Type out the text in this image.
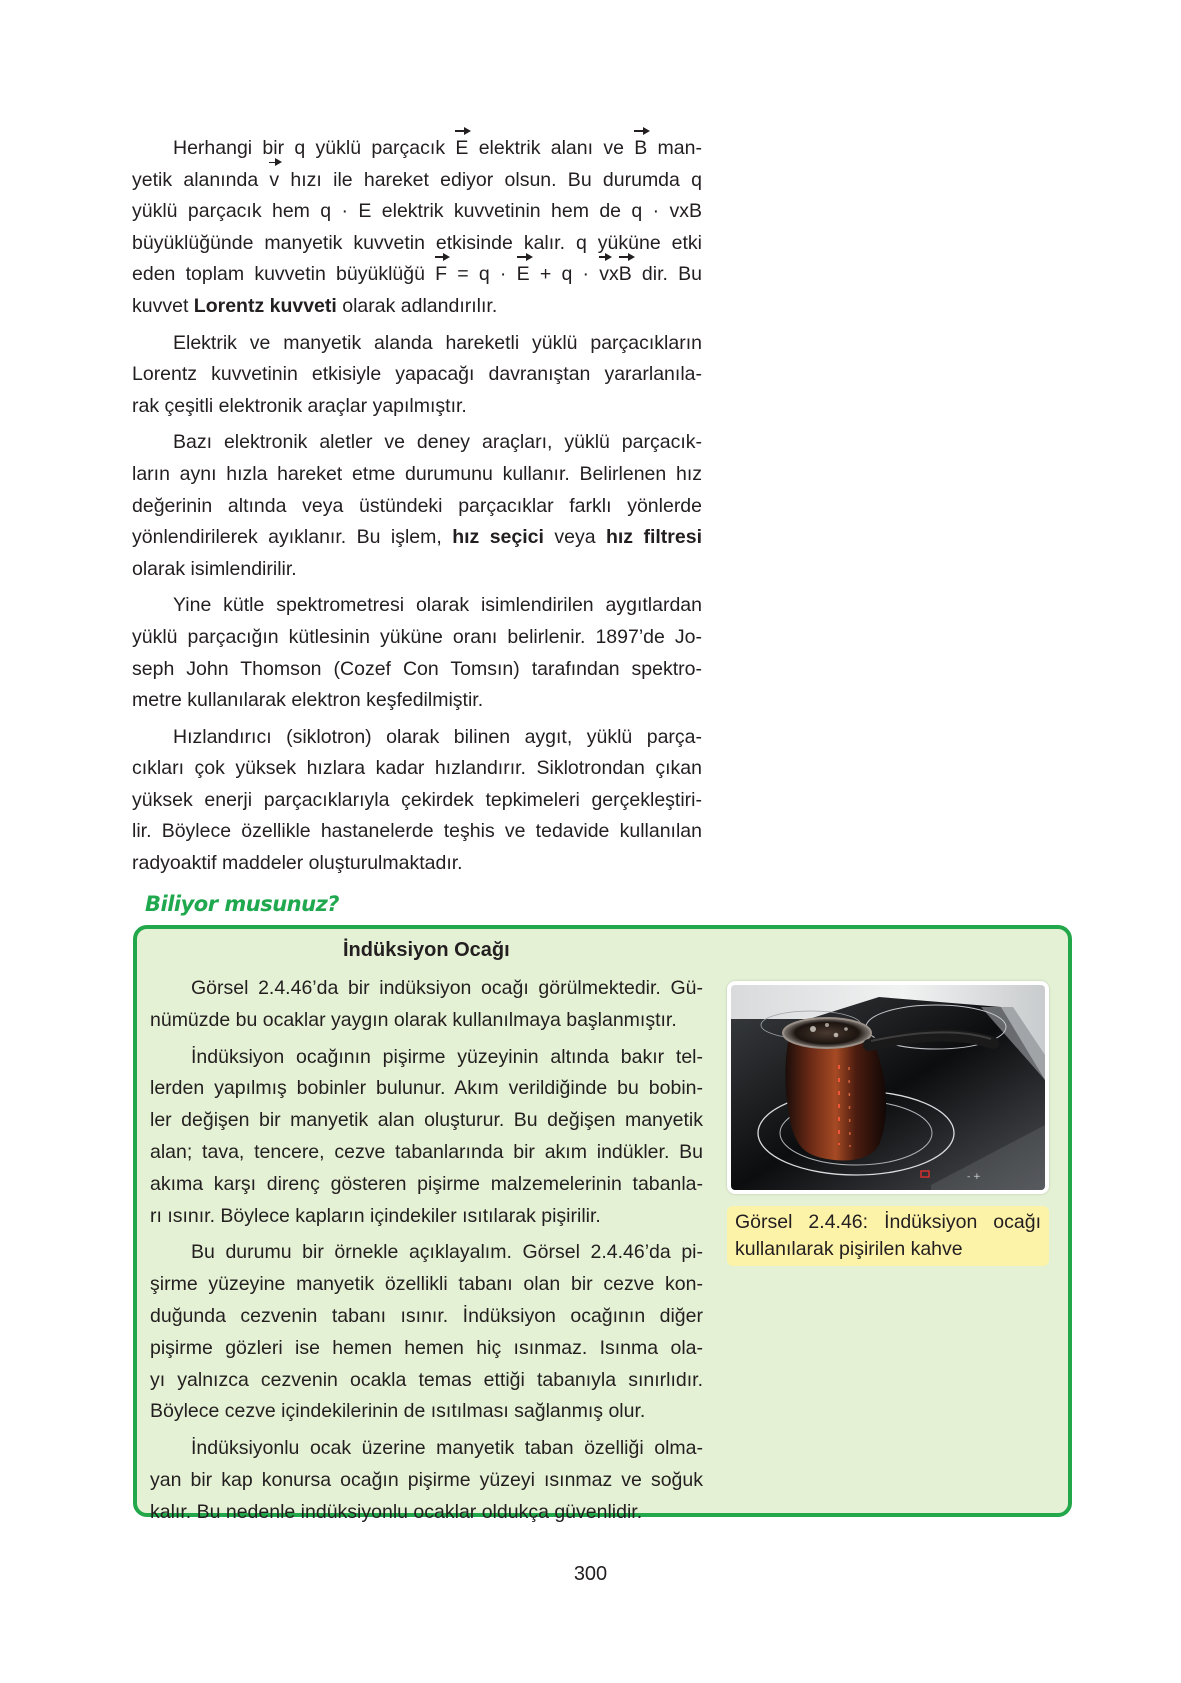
Herhangi bir q yüklü parçacık E elektrik alanı ve B man-
yetik alanında v hızı ile hareket ediyor olsun. Bu durumda q
yüklü parçacık hem q · E elektrik kuvvetinin hem de q · vxB
büyüklüğünde manyetik kuvvetin etkisinde kalır. q yüküne etki
eden toplam kuvvetin büyüklüğü F = q · E + q · vxB dir. Bu
kuvvet Lorentz kuvveti olarak adlandırılır.
Elektrik ve manyetik alanda hareketli yüklü parçacıkların
Lorentz kuvvetinin etkisiyle yapacağı davranıştan yararlanıla-
rak çeşitli elektronik araçlar yapılmıştır.
Bazı elektronik aletler ve deney araçları, yüklü parçacık-
ların aynı hızla hareket etme durumunu kullanır. Belirlenen hız
değerinin altında veya üstündeki parçacıklar farklı yönlerde
yönlendirilerek ayıklanır. Bu işlem, hız seçici veya hız filtresi
olarak isimlendirilir.
Yine kütle spektrometresi olarak isimlendirilen aygıtlardan
yüklü parçacığın kütlesinin yüküne oranı belirlenir. 1897’de Jo-
seph John Thomson (Cozef Con Tomsın) tarafından spektro-
metre kullanılarak elektron keşfedilmiştir.
Hızlandırıcı (siklotron) olarak bilinen aygıt, yüklü parça-
cıkları çok yüksek hızlara kadar hızlandırır. Siklotrondan çıkan
yüksek enerji parçacıklarıyla çekirdek tepkimeleri gerçekleştiri-
lir. Böylece özellikle hastanelerde teşhis ve tedavide kullanılan
radyoaktif maddeler oluşturulmaktadır.
Biliyor musunuz?
İndüksiyon Ocağı
Görsel 2.4.46’da bir indüksiyon ocağı görülmektedir. Gü-
nümüzde bu ocaklar yaygın olarak kullanılmaya başlanmıştır.
İndüksiyon ocağının pişirme yüzeyinin altında bakır tel-
lerden yapılmış bobinler bulunur. Akım verildiğinde bu bobin-
ler değişen bir manyetik alan oluşturur. Bu değişen manyetik
alan; tava, tencere, cezve tabanlarında bir akım indükler. Bu
akıma karşı direnç gösteren pişirme malzemelerinin tabanla-
rı ısınır. Böylece kapların içindekiler ısıtılarak pişirilir.
Bu durumu bir örnekle açıklayalım. Görsel 2.4.46’da pi-
şirme yüzeyine manyetik özellikli tabanı olan bir cezve kon-
duğunda cezvenin tabanı ısınır. İndüksiyon ocağının diğer
pişirme gözleri ise hemen hemen hiç ısınmaz. Isınma ola-
yı yalnızca cezvenin ocakla temas ettiği tabanıyla sınırlıdır.
Böylece cezve içindekilerinin de ısıtılması sağlanmış olur.
İndüksiyonlu ocak üzerine manyetik taban özelliği olma-
yan bir kap konursa ocağın pişirme yüzeyi ısınmaz ve soğuk
kalır. Bu nedenle indüksiyonlu ocaklar oldukça güvenlidir.
- +
Görsel 2.4.46: İndüksiyon ocağı
kullanılarak pişirilen kahve
300
